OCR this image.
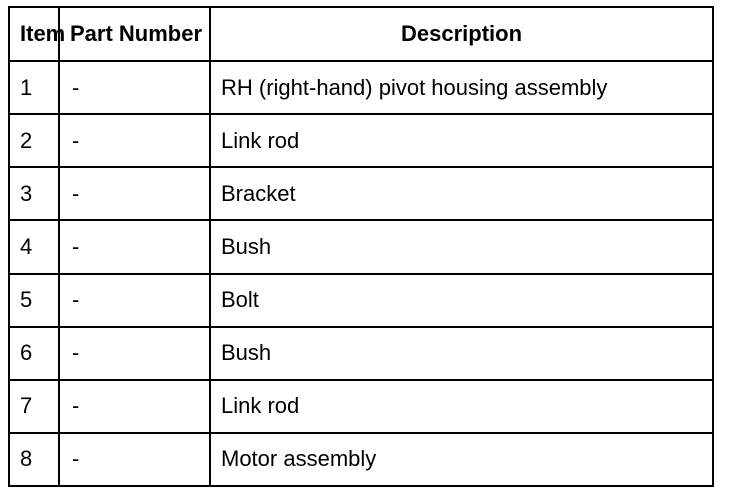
Item	Part Number	Description
1	-	RH (right-hand) pivot housing assembly
2	-	Link rod
3	-	Bracket
4	-	Bush
5	-	Bolt
6	-	Bush
7	-	Link rod
8	-	Motor assembly
